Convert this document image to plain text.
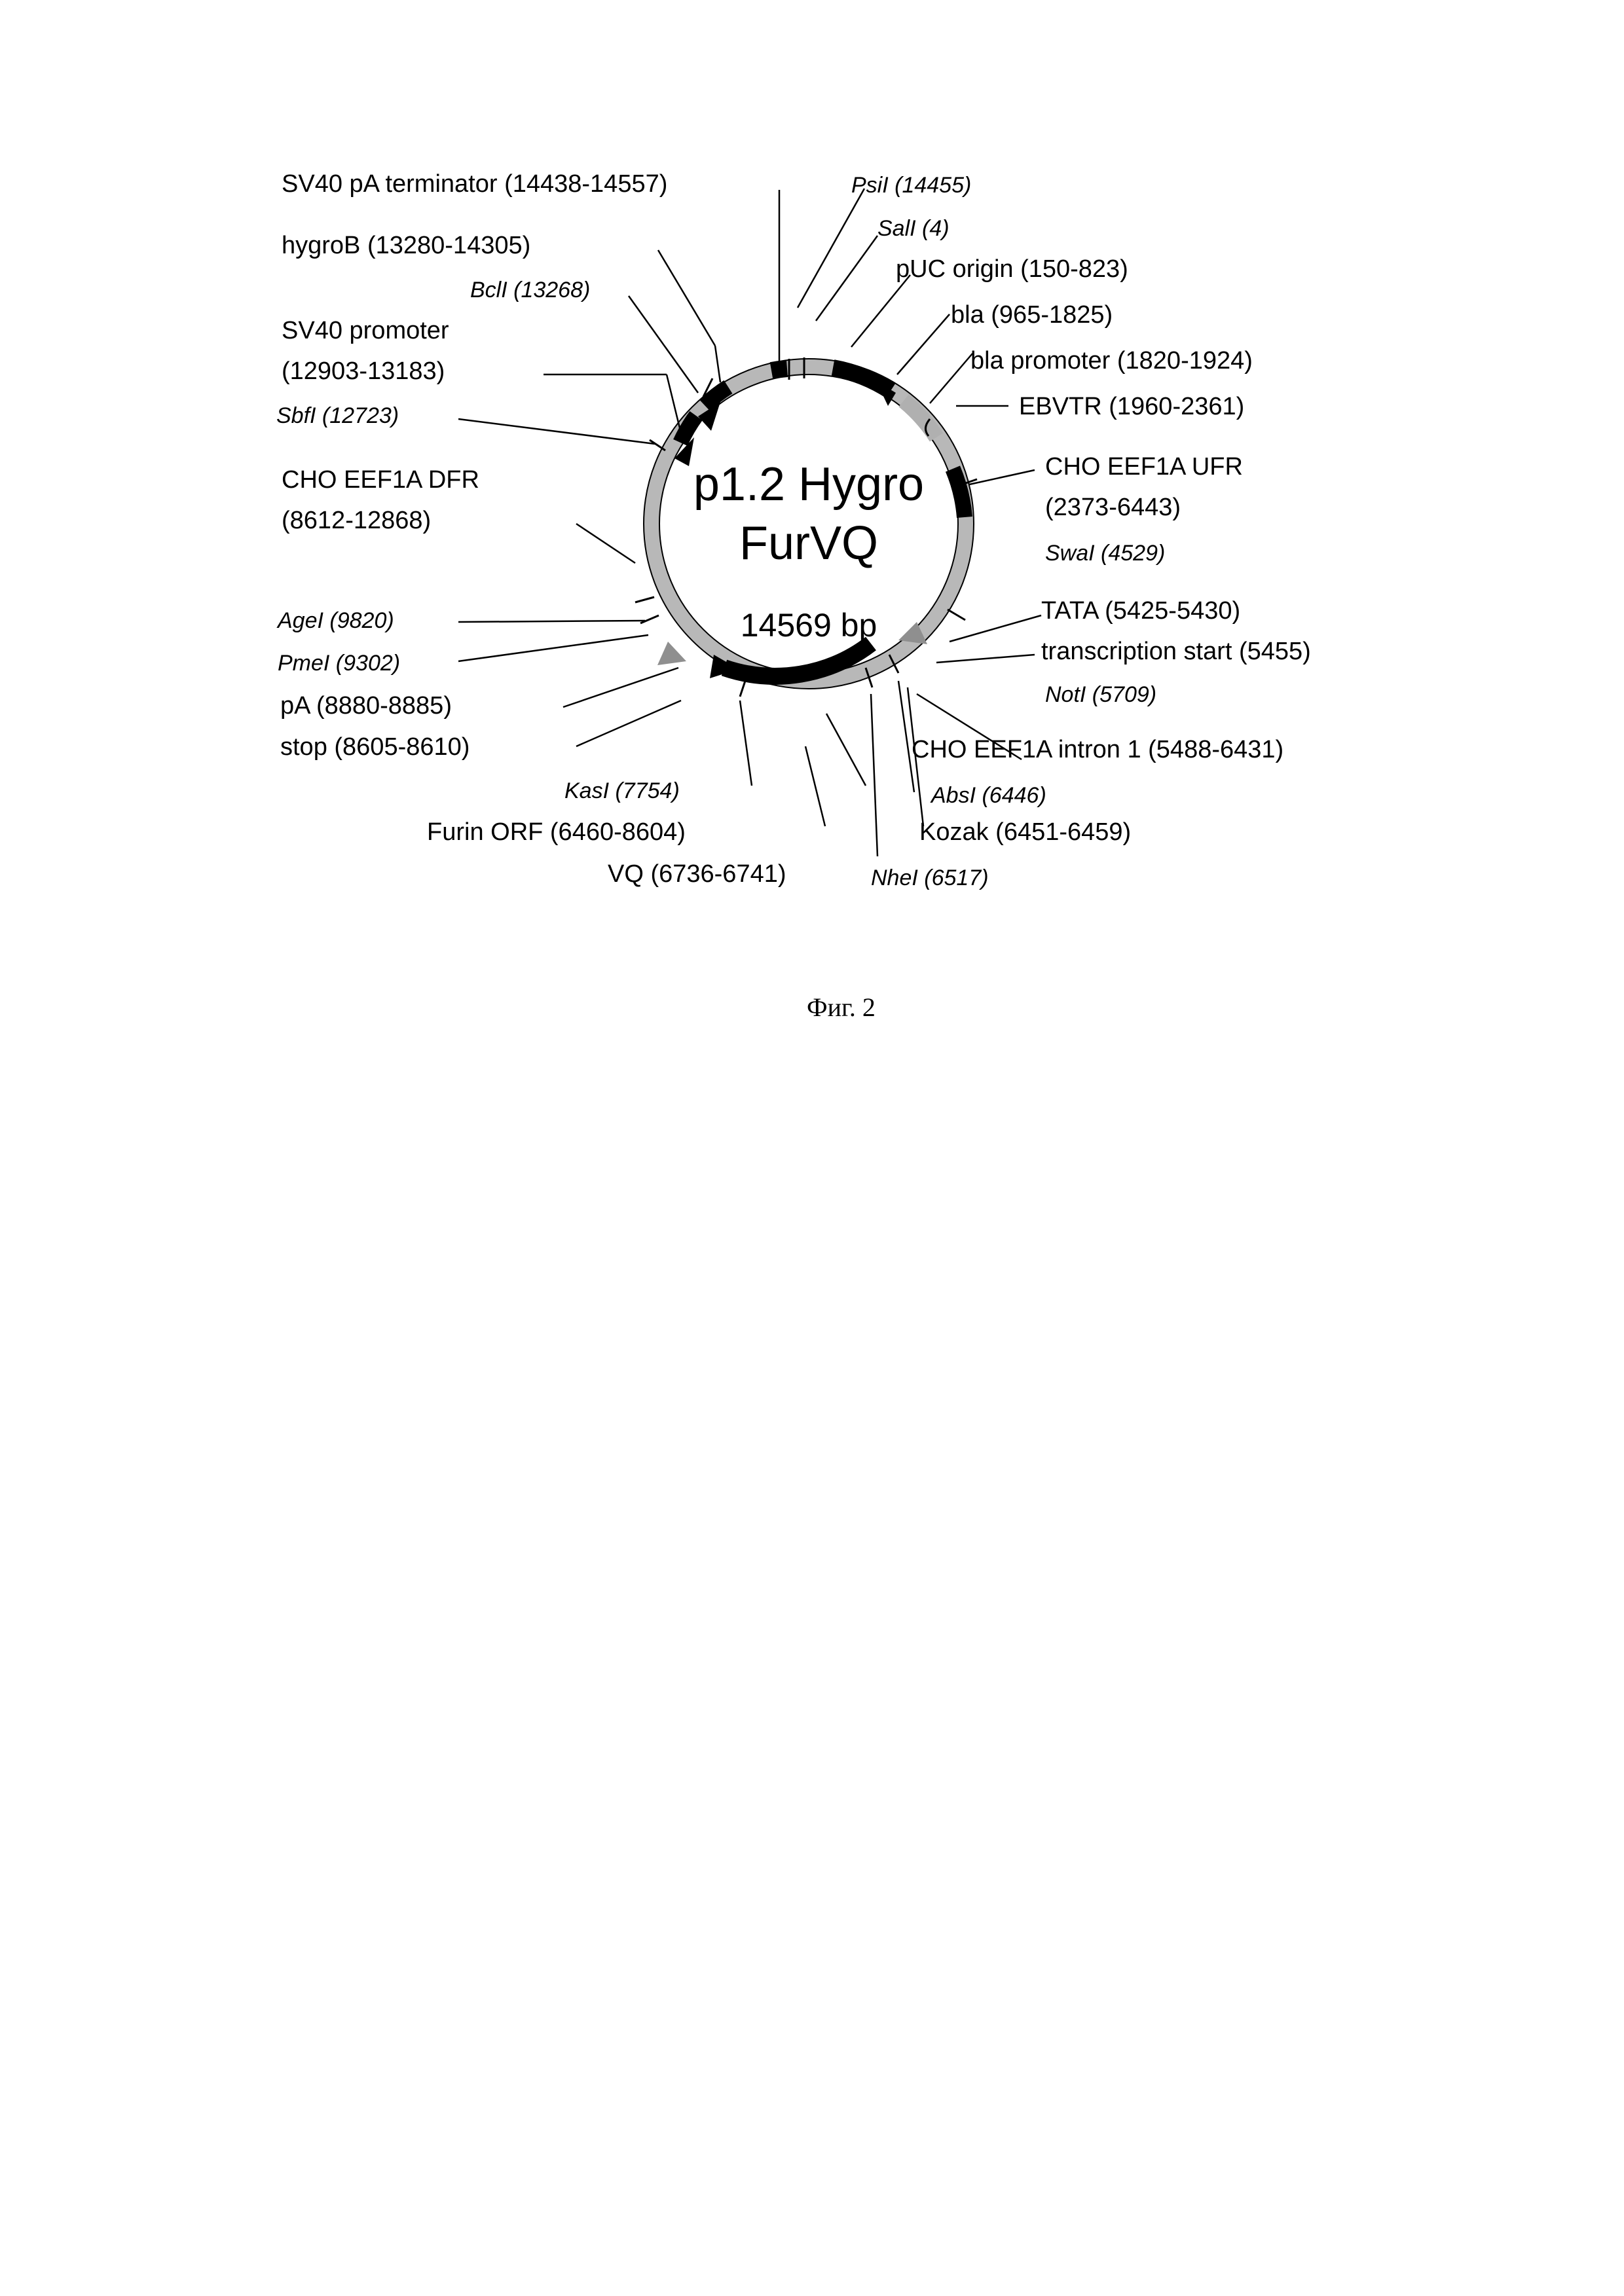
p1.2 Hygro
FurVQ
14569 bp
SV40 pA terminator (14438-14557)
hygroB (13280-14305)
BclI (13268)
SV40 promoter
(12903-13183)
SbfI (12723)
CHO EEF1A DFR
(8612-12868)
AgeI (9820)
PmeI (9302)
pA (8880-8885)
stop (8605-8610)
KasI (7754)
Furin ORF (6460-8604)
VQ (6736-6741)	NheI (6517)
AbsI (6446)
Kozak (6451-6459)
PsiI (14455)
SalI (4)
pUC origin (150-823)
bla (965-1825)
bla promoter (1820-1924)
EBVTR (1960-2361)
CHO EEF1A UFR
(2373-6443)
SwaI (4529)
TATA (5425-5430)
transcription start (5455)
NotI (5709)
CHO EEF1A intron 1 (5488-6431)
Фиг. 2
